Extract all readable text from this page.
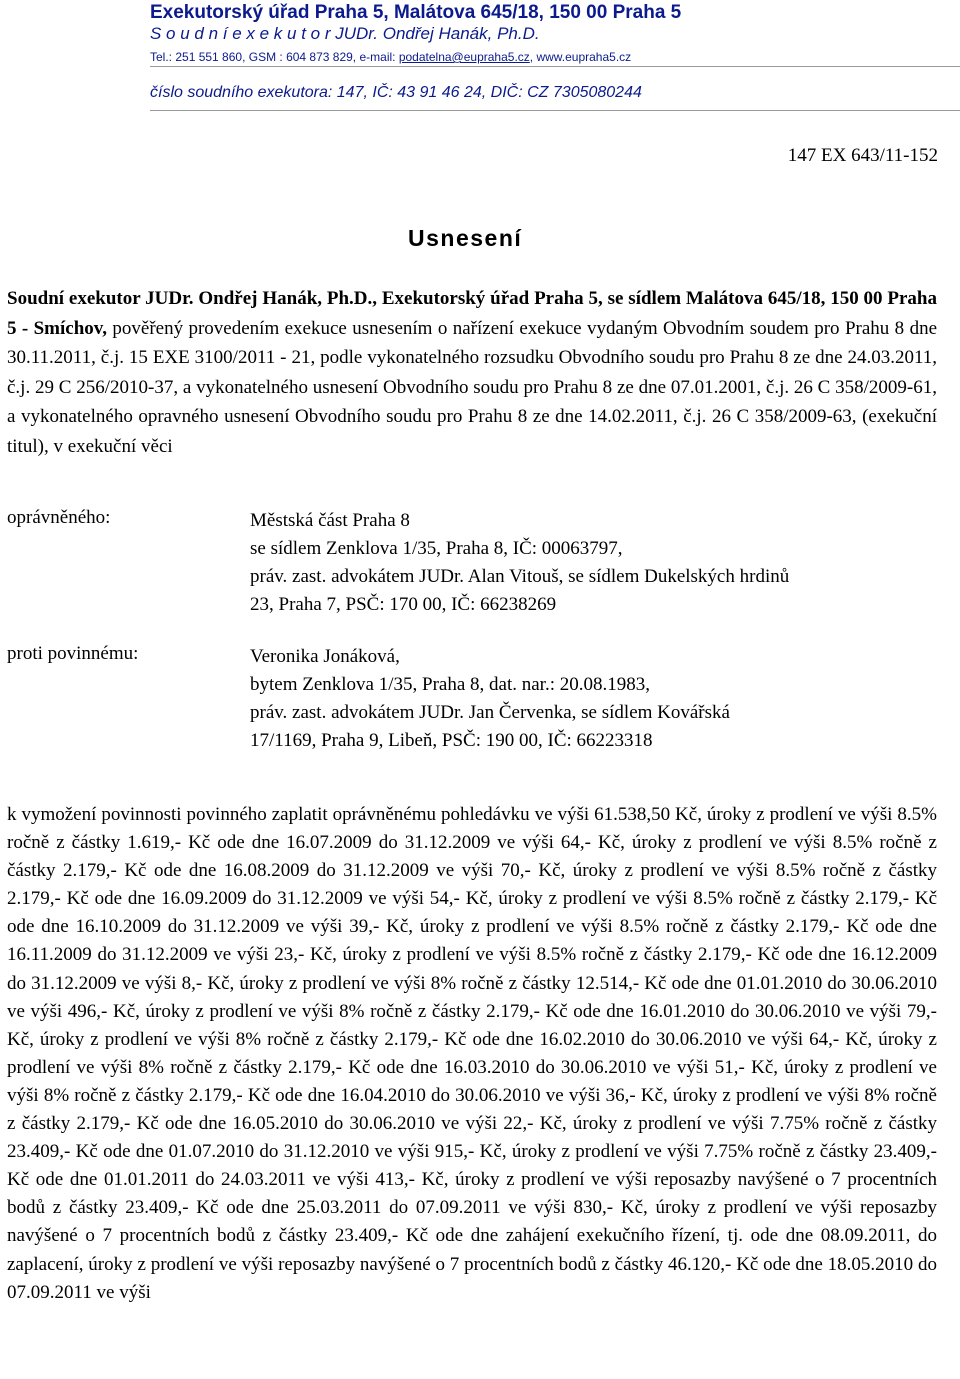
Exekutorský úřad Praha 5, Malátova 645/18, 150 00 Praha 5
S o u d n í e x e k u t o r JUDr. Ondřej Hanák, Ph.D.
Tel.: 251 551 860, GSM : 604 873 829, e-mail: podatelna@eupraha5.cz, www.eupraha5.cz
číslo soudního exekutora: 147, IČ: 43 91 46 24, DIČ: CZ 7305080244
147 EX 643/11-152
Usnesení
Soudní exekutor JUDr. Ondřej Hanák, Ph.D., Exekutorský úřad Praha 5, se sídlem Malátova 645/18, 150 00 Praha 5 - Smíchov, pověřený provedením exekuce usnesením o nařízení exekuce vydaným Obvodním soudem pro Prahu 8 dne 30.11.2011, č.j. 15 EXE 3100/2011 - 21, podle vykonatelného rozsudku Obvodního soudu pro Prahu 8 ze dne 24.03.2011, č.j. 29 C 256/2010-37, a vykonatelného usnesení Obvodního soudu pro Prahu 8 ze dne 07.01.2001, č.j. 26 C 358/2009-61, a vykonatelného opravného usnesení Obvodního soudu pro Prahu 8 ze dne 14.02.2011, č.j. 26 C 358/2009-63, (exekuční titul), v exekuční věci
oprávněného:	Městská část Praha 8
se sídlem Zenklova 1/35, Praha 8, IČ: 00063797,
práv. zast. advokátem JUDr. Alan Vitouš, se sídlem Dukelských hrdinů
23, Praha 7, PSČ: 170 00, IČ: 66238269
proti povinnému:	Veronika Jonáková,
bytem Zenklova 1/35, Praha 8, dat. nar.: 20.08.1983,
práv. zast. advokátem JUDr. Jan Červenka, se sídlem Kovářská
17/1169, Praha 9, Libeň, PSČ: 190 00, IČ: 66223318
k vymožení povinnosti povinného zaplatit oprávněnému pohledávku ve výši 61.538,50 Kč, úroky z prodlení ve výši 8.5% ročně z částky 1.619,- Kč ode dne 16.07.2009 do 31.12.2009 ve výši 64,- Kč, úroky z prodlení ve výši 8.5% ročně z částky 2.179,- Kč ode dne 16.08.2009 do 31.12.2009 ve výši 70,- Kč, úroky z prodlení ve výši 8.5% ročně z částky 2.179,- Kč ode dne 16.09.2009 do 31.12.2009 ve výši 54,- Kč, úroky z prodlení ve výši 8.5% ročně z částky 2.179,- Kč ode dne 16.10.2009 do 31.12.2009 ve výši 39,- Kč, úroky z prodlení ve výši 8.5% ročně z částky 2.179,- Kč ode dne 16.11.2009 do 31.12.2009 ve výši 23,- Kč, úroky z prodlení ve výši 8.5% ročně z částky 2.179,- Kč ode dne 16.12.2009 do 31.12.2009 ve výši 8,- Kč, úroky z prodlení ve výši 8% ročně z částky 12.514,- Kč ode dne 01.01.2010 do 30.06.2010 ve výši 496,- Kč, úroky z prodlení ve výši 8% ročně z částky 2.179,- Kč ode dne 16.01.2010 do 30.06.2010 ve výši 79,- Kč, úroky z prodlení ve výši 8% ročně z částky 2.179,- Kč ode dne 16.02.2010 do 30.06.2010 ve výši 64,- Kč, úroky z prodlení ve výši 8% ročně z částky 2.179,- Kč ode dne 16.03.2010 do 30.06.2010 ve výši 51,- Kč, úroky z prodlení ve výši 8% ročně z částky 2.179,- Kč ode dne 16.04.2010 do 30.06.2010 ve výši 36,- Kč, úroky z prodlení ve výši 8% ročně z částky 2.179,- Kč ode dne 16.05.2010 do 30.06.2010 ve výši 22,- Kč, úroky z prodlení ve výši 7.75% ročně z částky 23.409,- Kč ode dne 01.07.2010 do 31.12.2010 ve výši 915,- Kč, úroky z prodlení ve výši 7.75% ročně z částky 23.409,- Kč ode dne 01.01.2011 do 24.03.2011 ve výši 413,- Kč, úroky z prodlení ve výši reposazby navýšené o 7 procentních bodů z částky 23.409,- Kč ode dne 25.03.2011 do 07.09.2011 ve výši 830,- Kč, úroky z prodlení ve výši reposazby navýšené o 7 procentních bodů z částky 23.409,- Kč ode dne zahájení exekučního řízení, tj. ode dne 08.09.2011, do zaplacení, úroky z prodlení ve výši reposazby navýšené o 7 procentních bodů z částky 46.120,- Kč ode dne 18.05.2010 do 07.09.2011 ve výši
